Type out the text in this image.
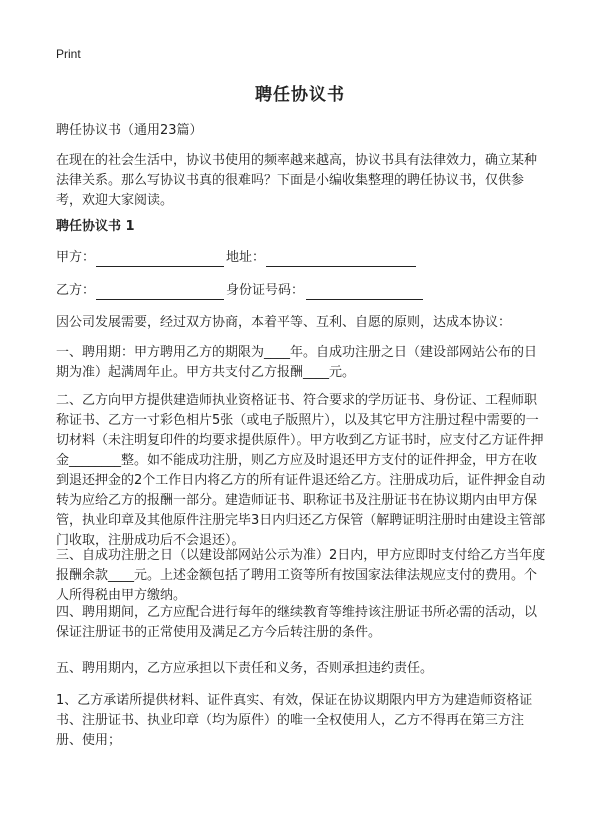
Print
聘任协议书

聘任协议书（通用23篇）

在现在的社会生活中，协议书使用的频率越来越高，协议书具有法律效力，确立某种法律关系。那么写协议书真的很难吗？下面是小编收集整理的聘任协议书，仅供参考，欢迎大家阅读。

聘任协议书 1

甲方：	地址：
乙方：	身份证号码：

因公司发展需要，经过双方协商，本着平等、互利、自愿的原则，达成本协议：

一、聘用期：甲方聘用乙方的期限为____年。自成功注册之日（建设部网站公布的日期为准）起满周年止。甲方共支付乙方报酬____元。

二、乙方向甲方提供建造师执业资格证书、符合要求的学历证书、身份证、工程师职称证书、乙方一寸彩色相片5张（或电子版照片），以及其它甲方注册过程中需要的一切材料（未注明复印件的均要求提供原件）。甲方收到乙方证书时，应支付乙方证件押金________整。如不能成功注册，则乙方应及时退还甲方支付的证件押金，甲方在收到退还押金的2个工作日内将乙方的所有证件退还给乙方。注册成功后，证件押金自动转为应给乙方的报酬一部分。建造师证书、职称证书及注册证书在协议期内由甲方保管，执业印章及其他原件注册完毕3日内归还乙方保管（解聘证明注册时由建设主管部门收取，注册成功后不会退还）。

三、自成功注册之日（以建设部网站公示为准）2日内，甲方应即时支付给乙方当年度报酬余款____元。上述金额包括了聘用工资等所有按国家法律法规应支付的费用。个人所得税由甲方缴纳。

四、聘用期间，乙方应配合进行每年的继续教育等维持该注册证书所必需的活动，以保证注册证书的正常使用及满足乙方今后转注册的条件。

五、聘用期内，乙方应承担以下责任和义务，否则承担违约责任。

1、乙方承诺所提供材料、证件真实、有效，保证在协议期限内甲方为建造师资格证书、注册证书、执业印章（均为原件）的唯一全权使用人，乙方不得再在第三方注册、使用；
